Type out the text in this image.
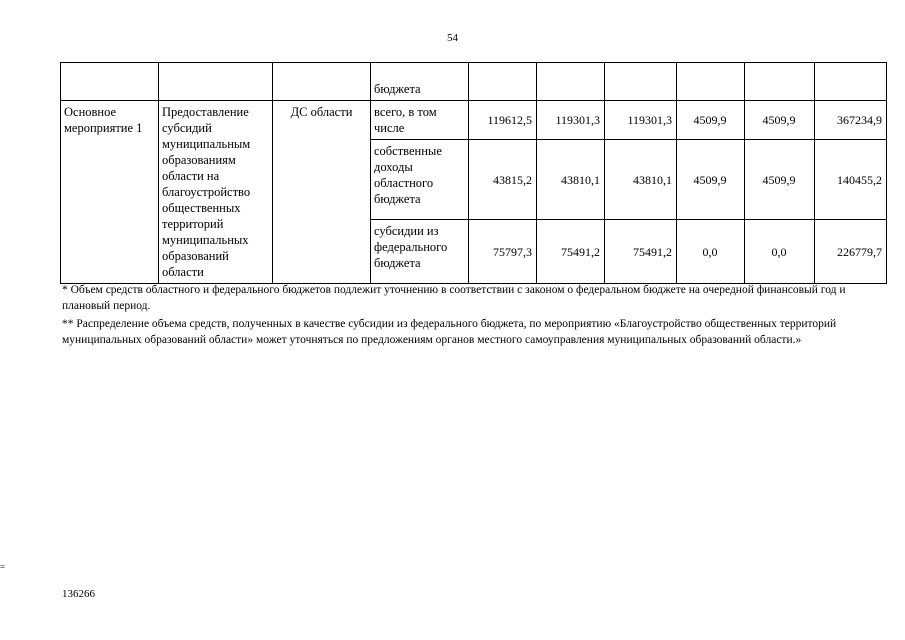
54
			бюджета						
Основное мероприятие 1	Предоставление субсидий муниципальным образованиям области на благоустройство общественных территорий муниципальных образований области	ДС области	всего, в том числе	119612,5	119301,3	119301,3	4509,9	4509,9	367234,9
			собственные доходы областного бюджета	43815,2	43810,1	43810,1	4509,9	4509,9	140455,2
			субсидии из федерального бюджета	75797,3	75491,2	75491,2	0,0	0,0	226779,7

* Объем средств областного и федерального бюджетов подлежит уточнению в соответствии с законом о федеральном бюджете на очередной финансовый год и плановый период.

** Распределение объема средств, полученных в качестве субсидии из федерального бюджета, по мероприятию «Благоустройство общественных территорий муниципальных образований области» может уточняться по предложениям органов местного самоуправления муниципальных образований области.»

=
136266
